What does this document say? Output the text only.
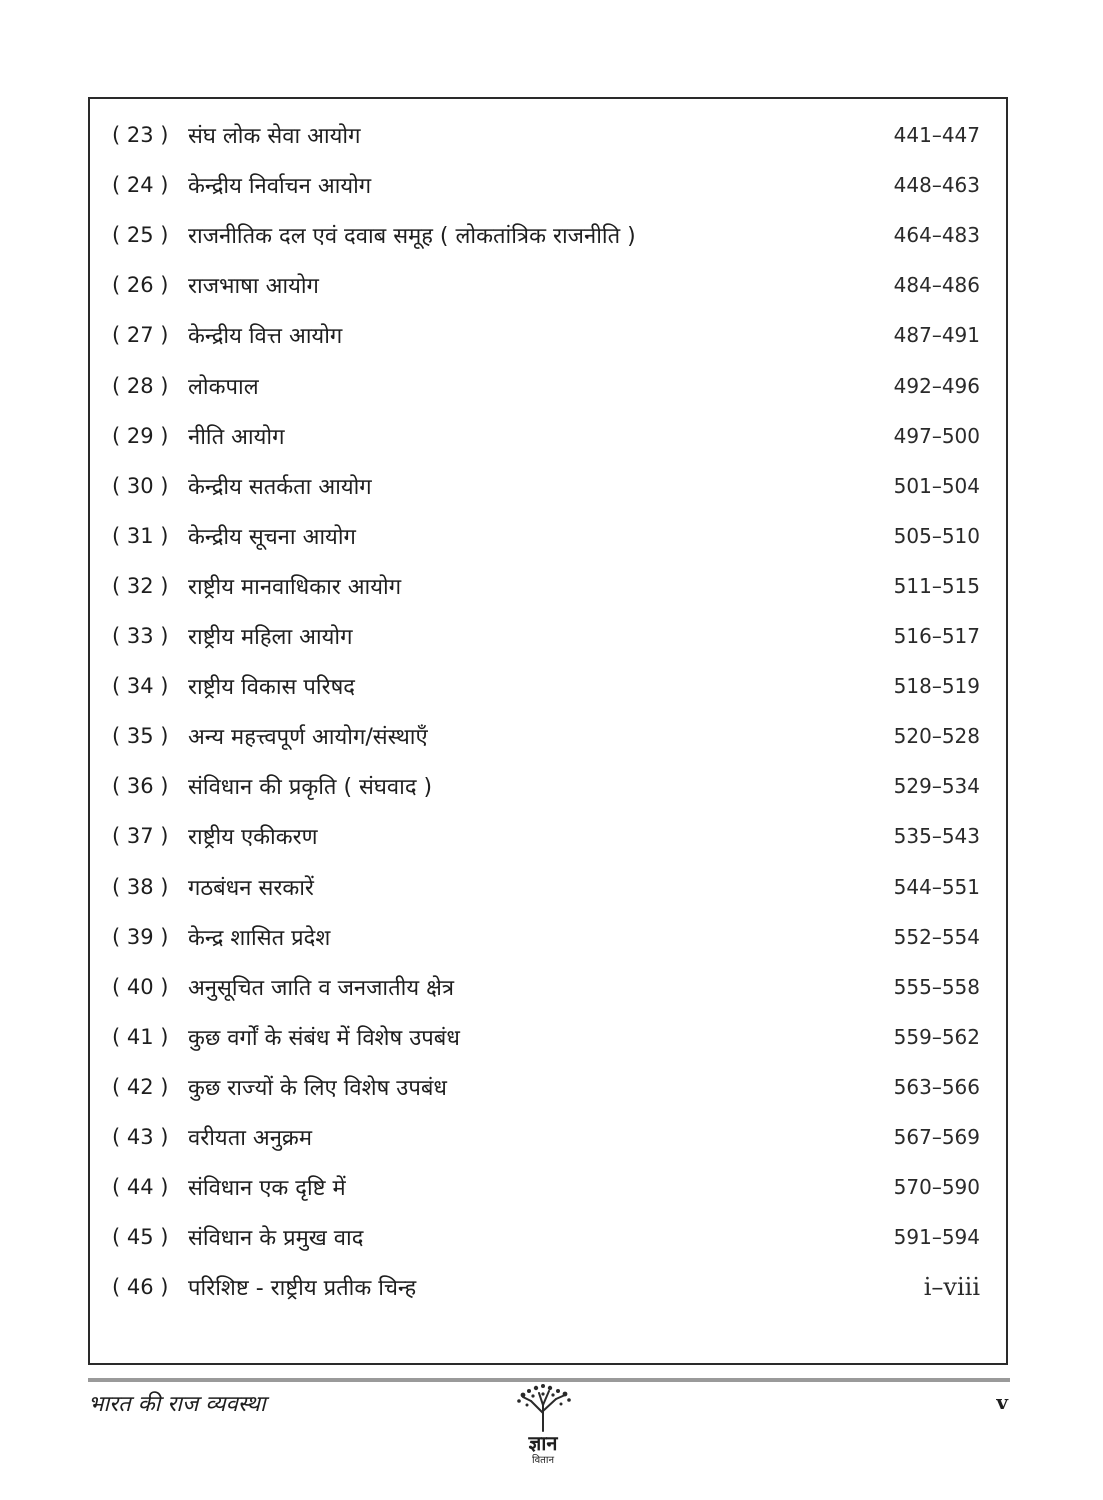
( 23 ) संघ लोक सेवा आयोग	441–447
( 24 ) केन्द्रीय निर्वाचन आयोग	448–463
( 25 ) राजनीतिक दल एवं दवाब समूह ( लोकतांत्रिक राजनीति )	464–483
( 26 ) राजभाषा आयोग	484–486
( 27 ) केन्द्रीय वित्त आयोग	487–491
( 28 ) लोकपाल	492–496
( 29 ) नीति आयोग	497–500
( 30 ) केन्द्रीय सतर्कता आयोग	501–504
( 31 ) केन्द्रीय सूचना आयोग	505–510
( 32 ) राष्ट्रीय मानवाधिकार आयोग	511–515
( 33 ) राष्ट्रीय महिला आयोग	516–517
( 34 ) राष्ट्रीय विकास परिषद	518–519
( 35 ) अन्य महत्त्वपूर्ण आयोग/संस्थाएँ	520–528
( 36 ) संविधान की प्रकृति ( संघवाद )	529–534
( 37 ) राष्ट्रीय एकीकरण	535–543
( 38 ) गठबंधन सरकारें	544–551
( 39 ) केन्द्र शासित प्रदेश	552–554
( 40 ) अनुसूचित जाति व जनजातीय क्षेत्र	555–558
( 41 ) कुछ वर्गों के संबंध में विशेष उपबंध	559–562
( 42 ) कुछ राज्यों के लिए विशेष उपबंध	563–566
( 43 ) वरीयता अनुक्रम	567–569
( 44 ) संविधान एक दृष्टि में	570–590
( 45 ) संविधान के प्रमुख वाद	591–594
( 46 ) परिशिष्ट - राष्ट्रीय प्रतीक चिन्ह	i–viii
भारत की राज व्यवस्था
ज्ञान
वितान
v
